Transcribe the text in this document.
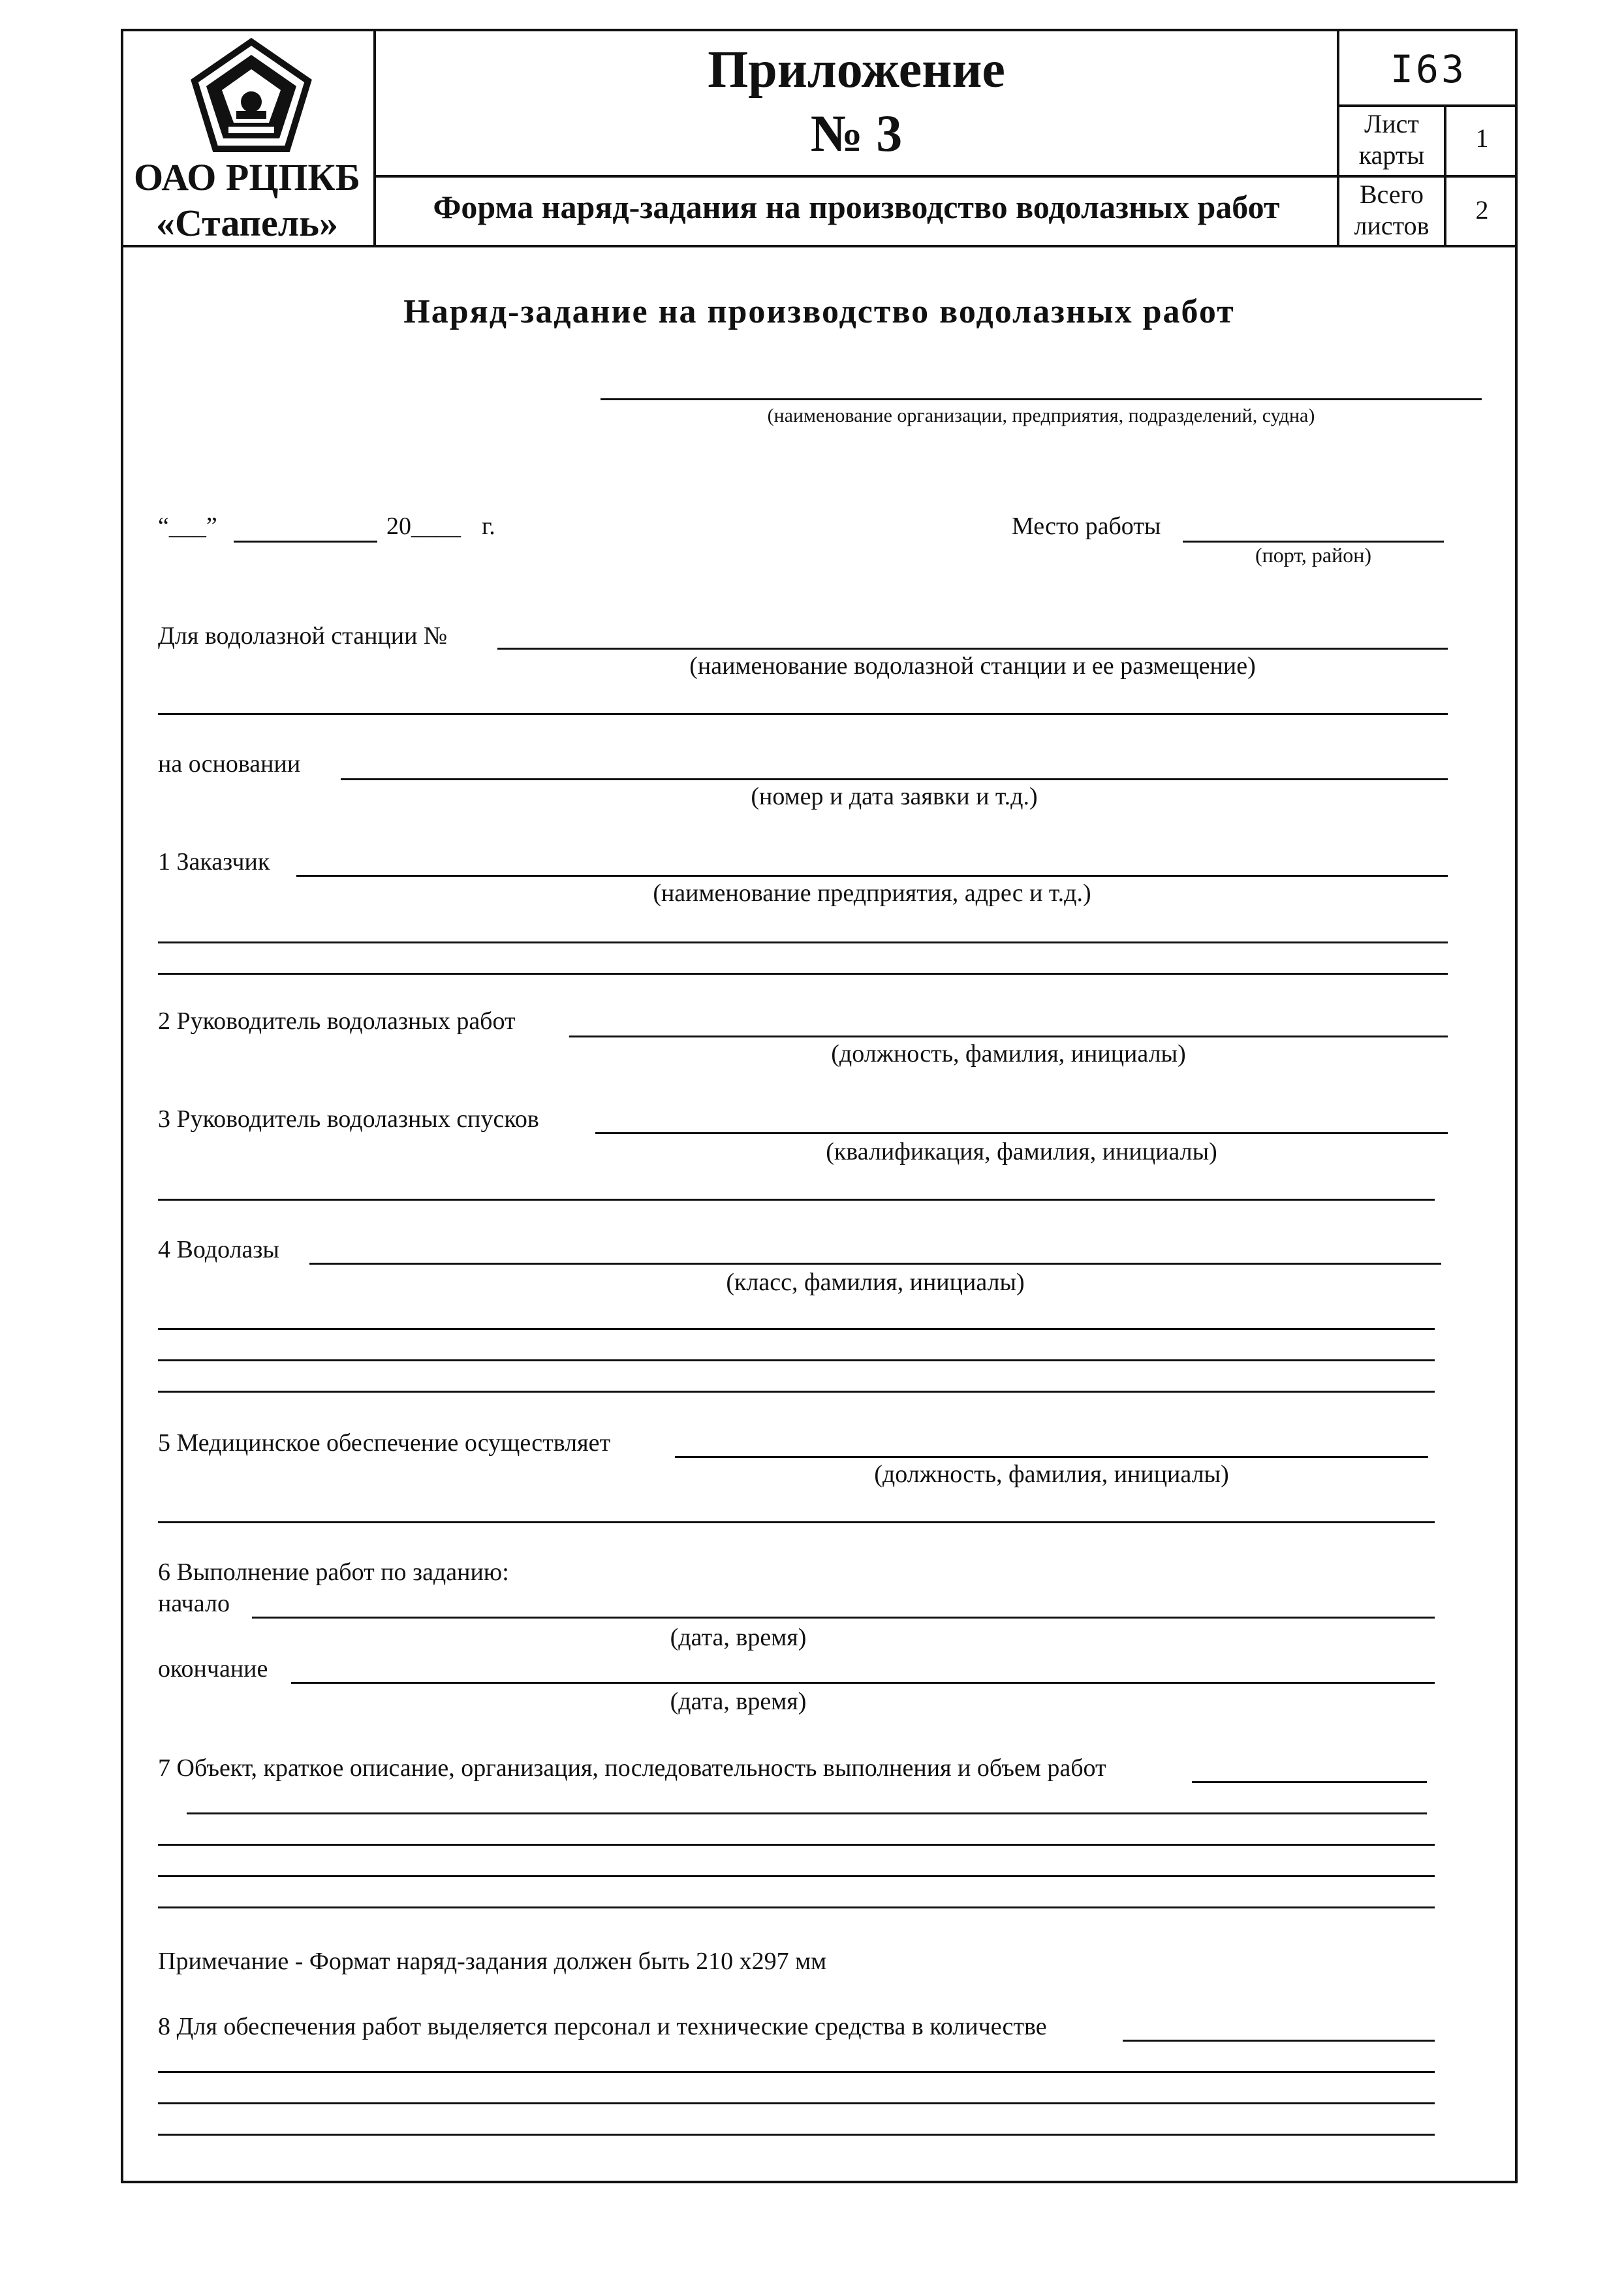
ОАО РЦПКБ
«Стапель»
Приложение
№ 3
Форма наряд-задания на производство водолазных работ
I63
Лист
карты
1
Всего
листов
2
Наряд-задание на производство водолазных работ
(наименование организации, предприятия, подразделений, судна)
“___”	20____ г.	Место работы
(порт, район)
Для водолазной станции №
(наименование водолазной станции и ее размещение)
на основании
(номер и дата заявки и т.д.)
1 Заказчик
(наименование предприятия, адрес и т.д.)
2 Руководитель водолазных работ
(должность, фамилия, инициалы)
3 Руководитель водолазных спусков
(квалификация, фамилия, инициалы)
4 Водолазы
(класс, фамилия, инициалы)
5 Медицинское обеспечение осуществляет
(должность, фамилия, инициалы)
6 Выполнение работ по заданию:
начало
(дата, время)
окончание
(дата, время)
7 Объект, краткое описание, организация, последовательность выполнения и объем работ
Примечание - Формат наряд-задания должен быть 210 х297 мм
8 Для обеспечения работ выделяется персонал и технические средства в количестве
